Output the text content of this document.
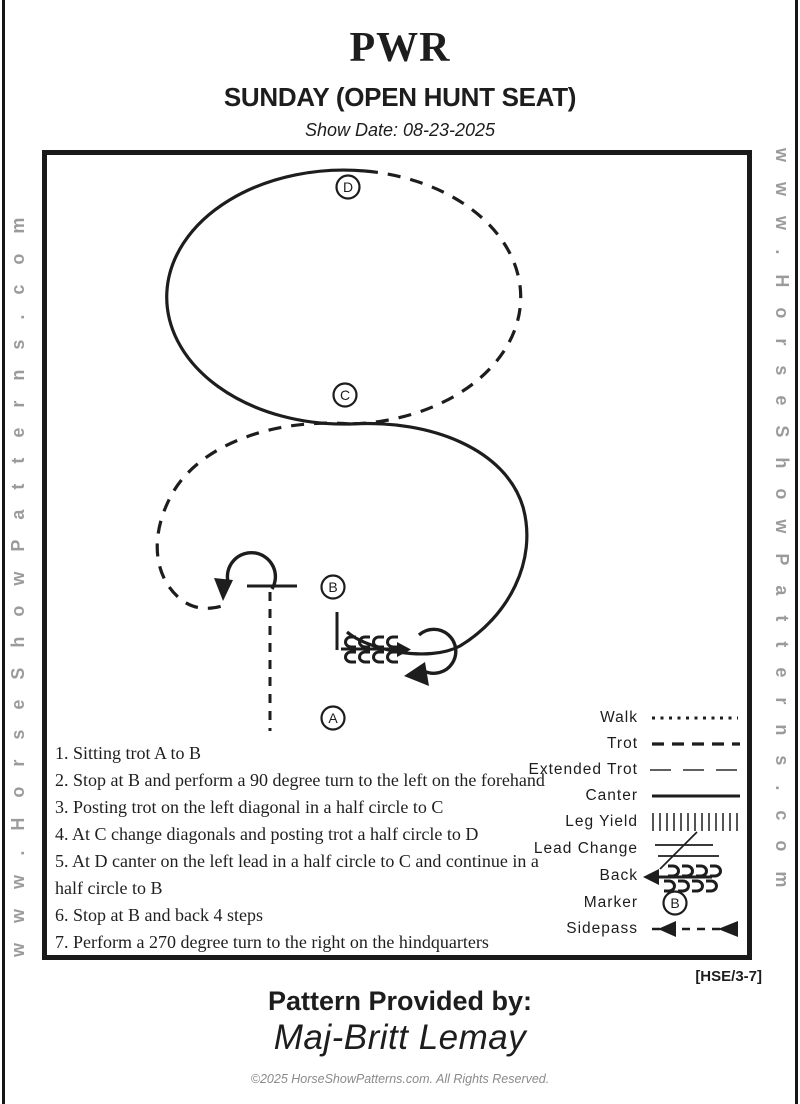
PWR
SUNDAY (OPEN HUNT SEAT)
Show Date: 08-23-2025
www.HorseShowPatterns.com	www.HorseShowPatterns.com
D
C
B
A
B
1. Sitting trot A to B
2. Stop at B and perform a 90 degree turn to the left on the forehand
3. Posting trot on the left diagonal in a half circle to C
4. At C change diagonals and posting trot a half circle to D
5. At D canter on the left lead in a half circle to C and continue in a half circle to B
6. Stop at B and back 4 steps
7. Perform a 270 degree turn to the right on the hindquarters
Walk
Trot
Extended Trot
Canter
Leg Yield
Lead Change
Back
Marker
Sidepass
[HSE/3-7]
Pattern Provided by:
Maj-Britt Lemay
©2025 HorseShowPatterns.com. All Rights Reserved.
